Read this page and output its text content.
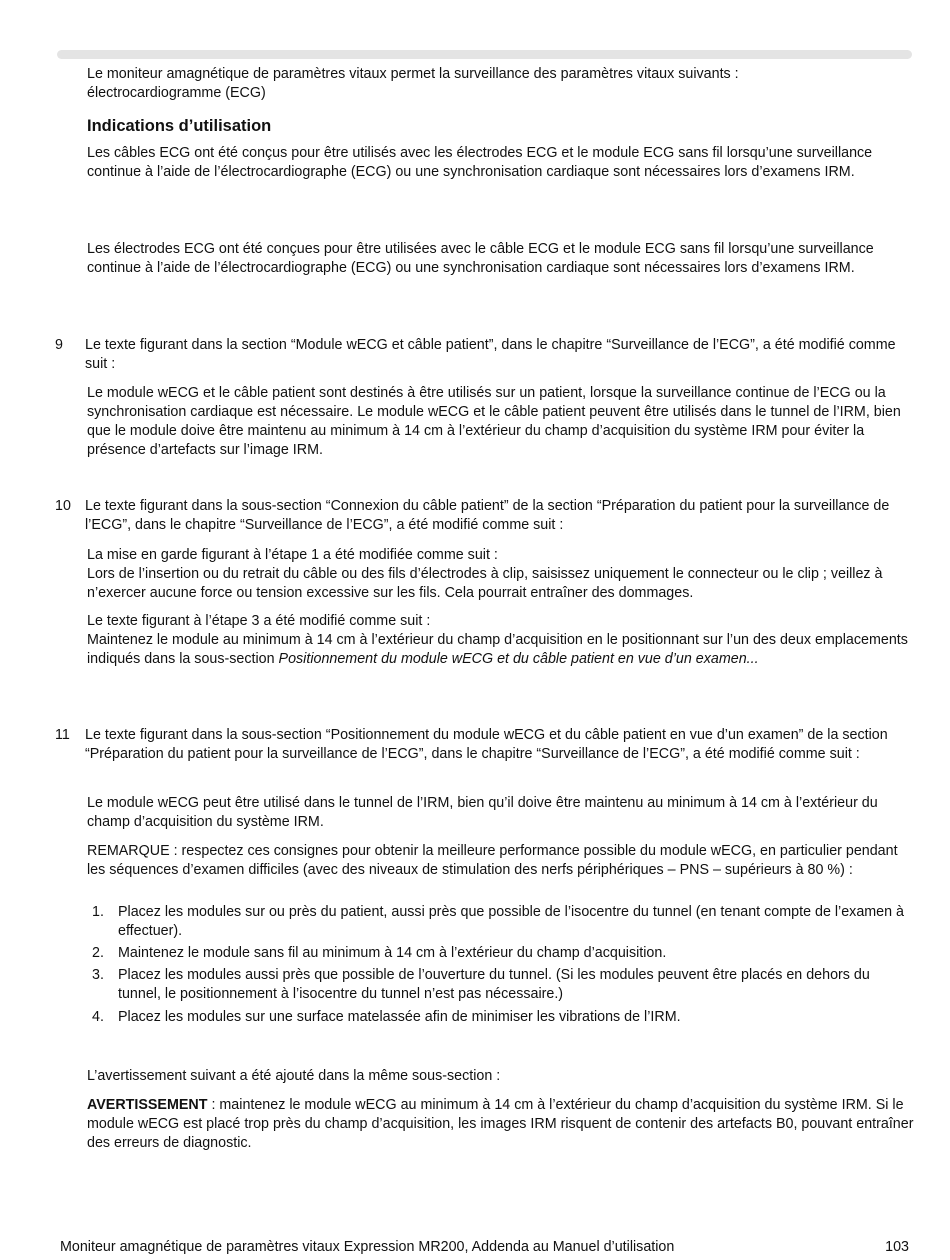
Le moniteur amagnétique de paramètres vitaux permet la surveillance des paramètres vitaux suivants :

électrocardiogramme (ECG)

Indications d’utilisation

Les câbles ECG ont été conçus pour être utilisés avec les électrodes ECG et le module ECG sans fil lorsqu’une surveillance continue à l’aide de l’électrocardiographe (ECG) ou une synchronisation cardiaque sont nécessaires lors d’examens IRM.

Les électrodes ECG ont été conçues pour être utilisées avec le câble ECG et le module ECG sans fil lorsqu’une surveillance continue à l’aide de l’électrocardiographe (ECG) ou une synchronisation cardiaque sont nécessaires lors d’examens IRM.

9 Le texte figurant dans la section “Module wECG et câble patient”, dans le chapitre “Surveillance de l’ECG”, a été modifié comme suit :

Le module wECG et le câble patient sont destinés à être utilisés sur un patient, lorsque la surveillance continue de l’ECG ou la synchronisation cardiaque est nécessaire. Le module wECG et le câble patient peuvent être utilisés dans le tunnel de l’IRM, bien que le module doive être maintenu au minimum à 14 cm à l’extérieur du champ d’acquisition du système IRM pour éviter la présence d’artefacts sur l’image IRM.

10 Le texte figurant dans la sous-section “Connexion du câble patient” de la section “Préparation du patient pour la surveillance de l’ECG”, dans le chapitre “Surveillance de l’ECG”, a été modifié comme suit :

La mise en garde figurant à l’étape 1 a été modifiée comme suit :

Lors de l’insertion ou du retrait du câble ou des fils d’électrodes à clip, saisissez uniquement le connecteur ou le clip ; veillez à n’exercer aucune force ou tension excessive sur les fils. Cela pourrait entraîner des dommages.

Le texte figurant à l’étape 3 a été modifié comme suit :

Maintenez le module au minimum à 14 cm à l’extérieur du champ d’acquisition en le positionnant sur l’un des deux emplacements indiqués dans la sous-section Positionnement du module wECG et du câble patient en vue d’un examen...

11 Le texte figurant dans la sous-section “Positionnement du module wECG et du câble patient en vue d’un examen” de la section “Préparation du patient pour la surveillance de l’ECG”, dans le chapitre “Surveillance de l’ECG”, a été modifié comme suit :

Le module wECG peut être utilisé dans le tunnel de l’IRM, bien qu’il doive être maintenu au minimum à 14 cm à l’extérieur du champ d’acquisition du système IRM.

REMARQUE : respectez ces consignes pour obtenir la meilleure performance possible du module wECG, en particulier pendant les séquences d’examen difficiles (avec des niveaux de stimulation des nerfs périphériques – PNS – supérieurs à 80 %) :

1. Placez les modules sur ou près du patient, aussi près que possible de l’isocentre du tunnel (en tenant compte de l’examen à effectuer).

2. Maintenez le module sans fil au minimum à 14 cm à l’extérieur du champ d’acquisition.

3. Placez les modules aussi près que possible de l’ouverture du tunnel. (Si les modules peuvent être placés en dehors du tunnel, le positionnement à l’isocentre du tunnel n’est pas nécessaire.)

4. Placez les modules sur une surface matelassée afin de minimiser les vibrations de l’IRM.

L’avertissement suivant a été ajouté dans la même sous-section :

AVERTISSEMENT : maintenez le module wECG au minimum à 14 cm à l’extérieur du champ d’acquisition du système IRM. Si le module wECG est placé trop près du champ d’acquisition, les images IRM risquent de contenir des artefacts B0, pouvant entraîner des erreurs de diagnostic.

Moniteur amagnétique de paramètres vitaux Expression MR200, Addenda au Manuel d’utilisation	103
